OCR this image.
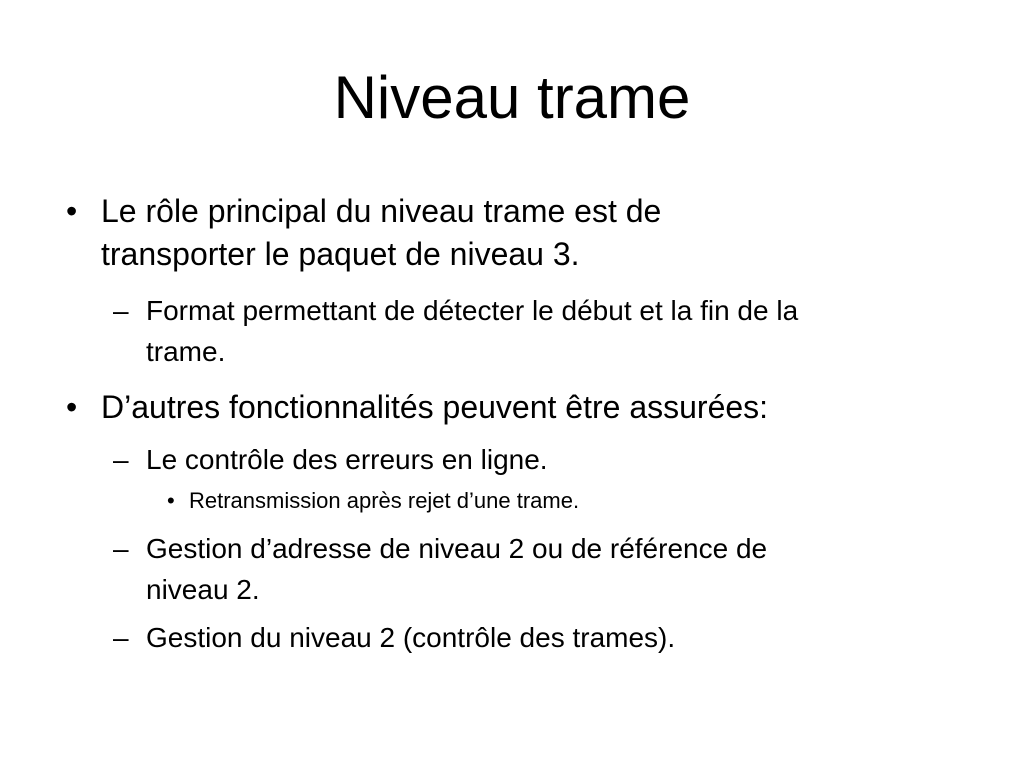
Niveau trame
• Le rôle principal du niveau trame est de
transporter le paquet de niveau 3.
– Format permettant de détecter le début et la fin de la
trame.
• D’autres fonctionnalités peuvent être assurées:
– Le contrôle des erreurs en ligne.
• Retransmission après rejet d’une trame.
– Gestion d’adresse de niveau 2 ou de référence de
niveau 2.
– Gestion du niveau 2 (contrôle des trames).
